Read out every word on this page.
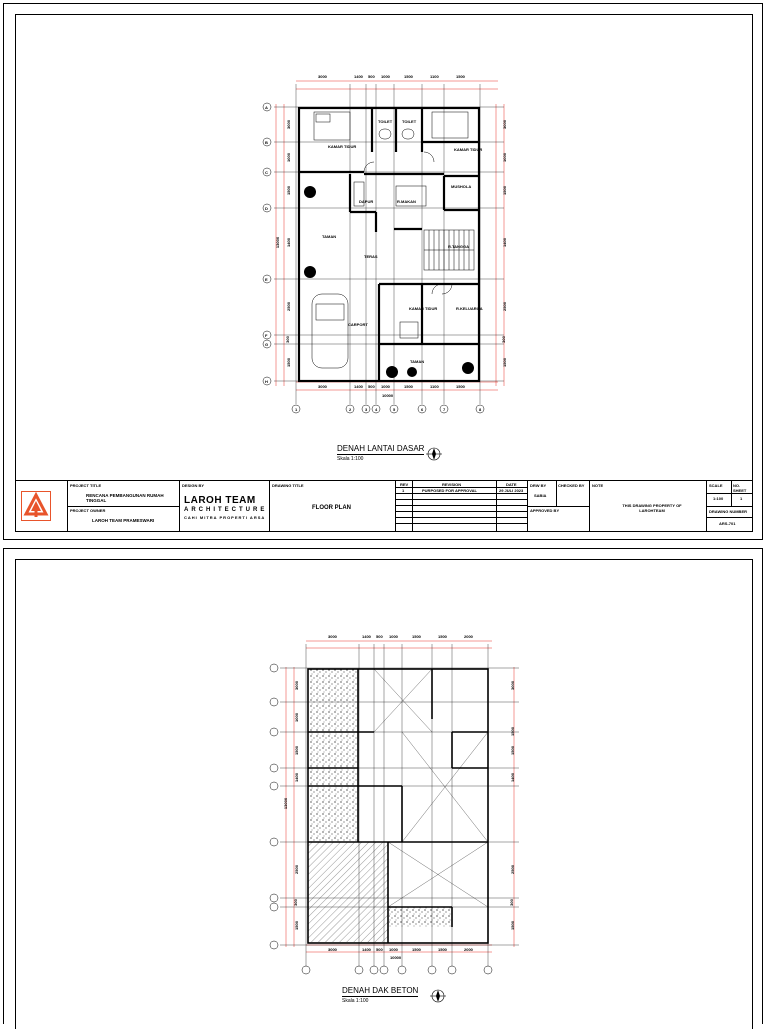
3000	1400 500 1000	1500	1100	1500
3000	1400 500 1000	1500	1100	1500
10000
3000
1000
1500
1400
2500
300
1500
13000
3000
1000
1500
1400
2500
300
1500
A
B
C
D
E
F
G
H
1	2	3 4	5	6	7	8
KAMAR TIDUR
TOILET TOILET
KAMAR TIDUR
DAPUR	R.MAKAN
MUSHOLA
TAMAN
TERAS
R.TANGGA
CARPORT
KAMAR TIDUR	R.KELUARGA
TAMAN
DENAH LANTAI DASAR
Skala 1:100
PROJECT TITLE
RENCANA PEMBANGUNAN RUMAH TINGGAL
PROJECT OWNER
LAROH TEAM PRAMESWARI
DESIGN BY
LAROH TEAM
ARCHITECTURE
CAHI MITRA PROPERTI ARSA
DRAWING TITLE
FLOOR PLAN
REV	REVISION	DATE
1	PURPOSED FOR APPROVAL	29 JULI 2023
DRW BY
SABIA
CHECKED BY
APPROVED BY
NOTE
THIS DRAWING PROPERTY OF LAROHTEAM
SCALE	NO. SHEET
1:100	1
DRAWING NUMBER
ARS-701
3000	1400 500 1000	1500	1500	2000
3000	1400 500 1000	1500	1500	2000
10000
3000
1000
1500
1400
2500
300
1500
13000
3000
1500
1500
1400
2500
300
1500
DENAH DAK BETON
Skala 1:100
